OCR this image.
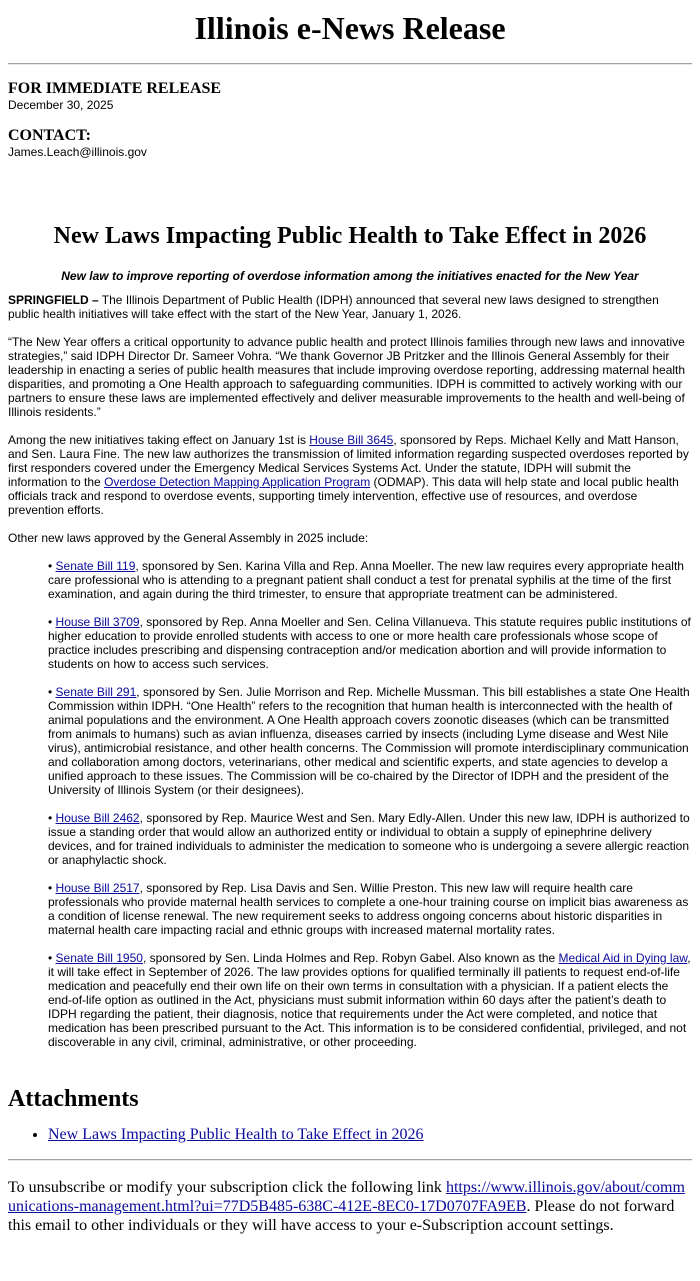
Illinois e-News Release
FOR IMMEDIATE RELEASE
December 30, 2025
CONTACT:
James.Leach@illinois.gov
New Laws Impacting Public Health to Take Effect in 2026
New law to improve reporting of overdose information among the initiatives enacted for the New Year

SPRINGFIELD – The Illinois Department of Public Health (IDPH) announced that several new laws designed to strengthen public health initiatives will take effect with the start of the New Year, January 1, 2026.

“The New Year offers a critical opportunity to advance public health and protect Illinois families through new laws and innovative strategies,” said IDPH Director Dr. Sameer Vohra. “We thank Governor JB Pritzker and the Illinois General Assembly for their leadership in enacting a series of public health measures that include improving overdose reporting, addressing maternal health disparities, and promoting a One Health approach to safeguarding communities. IDPH is committed to actively working with our partners to ensure these laws are implemented effectively and deliver measurable improvements to the health and well-being of Illinois residents.”

Among the new initiatives taking effect on January 1st is House Bill 3645, sponsored by Reps. Michael Kelly and Matt Hanson, and Sen. Laura Fine. The new law authorizes the transmission of limited information regarding suspected overdoses reported by first responders covered under the Emergency Medical Services Systems Act. Under the statute, IDPH will submit the information to the Overdose Detection Mapping Application Program (ODMAP). This data will help state and local public health officials track and respond to overdose events, supporting timely intervention, effective use of resources, and overdose prevention efforts.

Other new laws approved by the General Assembly in 2025 include:

• Senate Bill 119, sponsored by Sen. Karina Villa and Rep. Anna Moeller. The new law requires every appropriate health care professional who is attending to a pregnant patient shall conduct a test for prenatal syphilis at the time of the first examination, and again during the third trimester, to ensure that appropriate treatment can be administered.

• House Bill 3709, sponsored by Rep. Anna Moeller and Sen. Celina Villanueva. This statute requires public institutions of higher education to provide enrolled students with access to one or more health care professionals whose scope of practice includes prescribing and dispensing contraception and/or medication abortion and will provide information to students on how to access such services.

• Senate Bill 291, sponsored by Sen. Julie Morrison and Rep. Michelle Mussman. This bill establishes a state One Health Commission within IDPH. “One Health” refers to the recognition that human health is interconnected with the health of animal populations and the environment. A One Health approach covers zoonotic diseases (which can be transmitted from animals to humans) such as avian influenza, diseases carried by insects (including Lyme disease and West Nile virus), antimicrobial resistance, and other health concerns. The Commission will promote interdisciplinary communication and collaboration among doctors, veterinarians, other medical and scientific experts, and state agencies to develop a unified approach to these issues. The Commission will be co-chaired by the Director of IDPH and the president of the University of Illinois System (or their designees).

• House Bill 2462, sponsored by Rep. Maurice West and Sen. Mary Edly-Allen. Under this new law, IDPH is authorized to issue a standing order that would allow an authorized entity or individual to obtain a supply of epinephrine delivery devices, and for trained individuals to administer the medication to someone who is undergoing a severe allergic reaction or anaphylactic shock.

• House Bill 2517, sponsored by Rep. Lisa Davis and Sen. Willie Preston. This new law will require health care professionals who provide maternal health services to complete a one-hour training course on implicit bias awareness as a condition of license renewal. The new requirement seeks to address ongoing concerns about historic disparities in maternal health care impacting racial and ethnic groups with increased maternal mortality rates.

• Senate Bill 1950, sponsored by Sen. Linda Holmes and Rep. Robyn Gabel. Also known as the Medical Aid in Dying law, it will take effect in September of 2026. The law provides options for qualified terminally ill patients to request end-of-life medication and peacefully end their own life on their own terms in consultation with a physician. If a patient elects the end-of-life option as outlined in the Act, physicians must submit information within 60 days after the patient’s death to IDPH regarding the patient, their diagnosis, notice that requirements under the Act were completed, and notice that medication has been prescribed pursuant to the Act. This information is to be considered confidential, privileged, and not discoverable in any civil, criminal, administrative, or other proceeding.

Attachments
• New Laws Impacting Public Health to Take Effect in 2026
To unsubscribe or modify your subscription click the following link https://www.illinois.gov/about/communications-management.html?ui=77D5B485-638C-412E-8EC0-17D0707FA9EB. Please do not forward this email to other individuals or they will have access to your e-Subscription account settings.
